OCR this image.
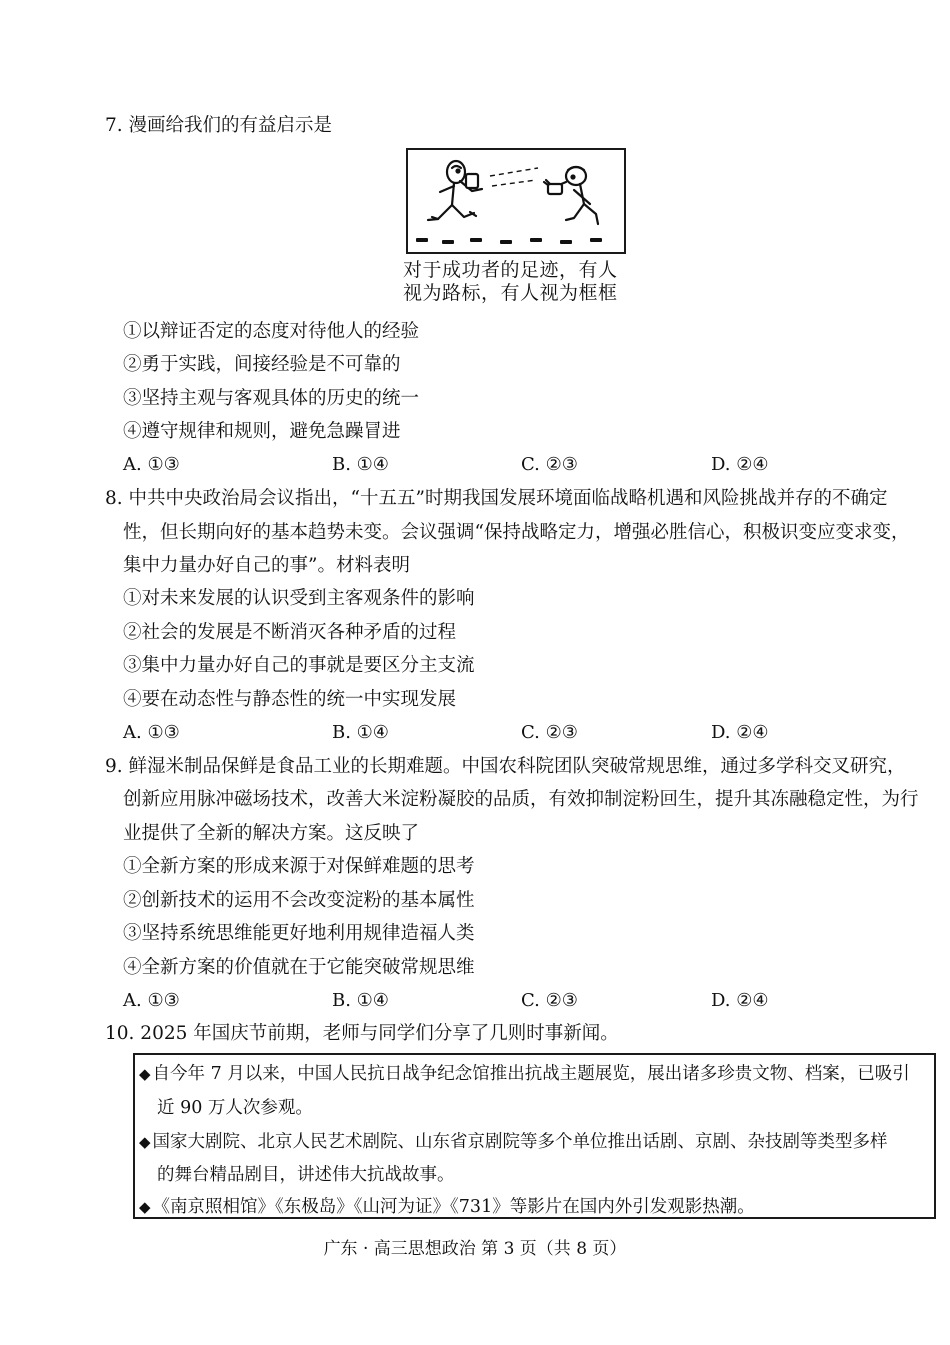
7. 漫画给我们的有益启示是
对于成功者的足迹，有人
视为路标，有人视为框框
①以辩证否定的态度对待他人的经验
②勇于实践，间接经验是不可靠的
③坚持主观与客观具体的历史的统一
④遵守规律和规则，避免急躁冒进
A. ①③	B. ①④	C. ②③	D. ②④
8. 中共中央政治局会议指出，“十五五”时期我国发展环境面临战略机遇和风险挑战并存的不确定
性，但长期向好的基本趋势未变。会议强调“保持战略定力，增强必胜信心，积极识变应变求变，
集中力量办好自己的事”。材料表明
①对未来发展的认识受到主客观条件的影响
②社会的发展是不断消灭各种矛盾的过程
③集中力量办好自己的事就是要区分主支流
④要在动态性与静态性的统一中实现发展
A. ①③	B. ①④	C. ②③	D. ②④
9. 鲜湿米制品保鲜是食品工业的长期难题。中国农科院团队突破常规思维，通过多学科交叉研究，
创新应用脉冲磁场技术，改善大米淀粉凝胶的品质，有效抑制淀粉回生，提升其冻融稳定性，为行
业提供了全新的解决方案。这反映了
①全新方案的形成来源于对保鲜难题的思考
②创新技术的运用不会改变淀粉的基本属性
③坚持系统思维能更好地利用规律造福人类
④全新方案的价值就在于它能突破常规思维
A. ①③	B. ①④	C. ②③	D. ②④
10. 2025 年国庆节前期，老师与同学们分享了几则时事新闻。
◆ 自今年 7 月以来，中国人民抗日战争纪念馆推出抗战主题展览，展出诸多珍贵文物、档案，已吸引
近 90 万人次参观。
◆ 国家大剧院、北京人民艺术剧院、山东省京剧院等多个单位推出话剧、京剧、杂技剧等类型多样
的舞台精品剧目，讲述伟大抗战故事。
◆ 《南京照相馆》《东极岛》《山河为证》《731》等影片在国内外引发观影热潮。
广东 · 高三思想政治 第 3 页（共 8 页）
